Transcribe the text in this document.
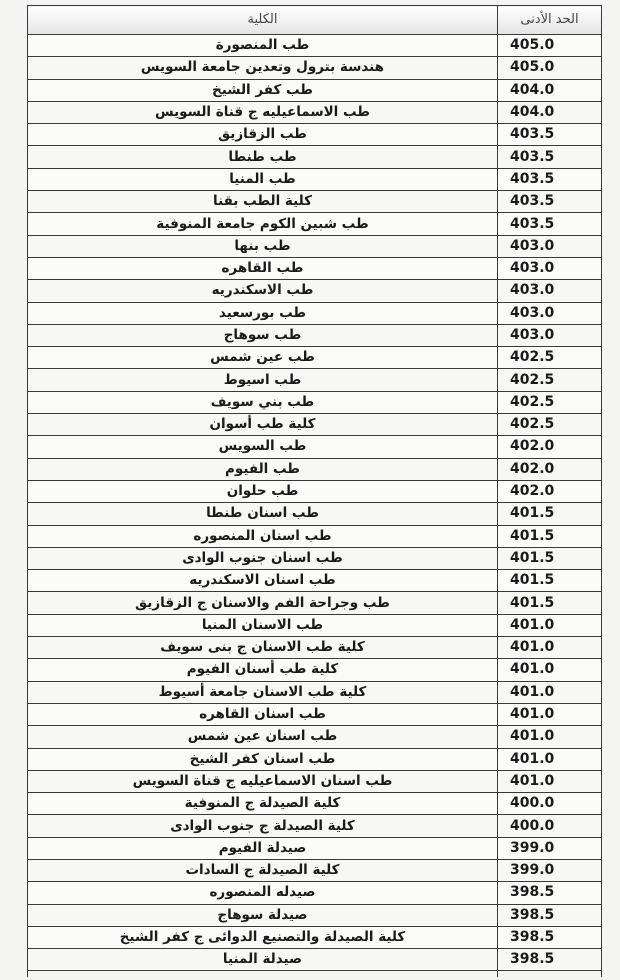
الكلية	الحد الأدنى
طب المنصورة	405.0
هندسة بترول وتعدين جامعة السويس	405.0
طب كفر الشيخ	404.0
طب الاسماعيليه ج قناة السويس	404.0
طب الزقازيق	403.5
طب طنطا	403.5
طب المنيا	403.5
كلية الطب بقنا	403.5
طب شبين الكوم جامعة المنوفية	403.5
طب بنها	403.0
طب القاهره	403.0
طب الاسكندريه	403.0
طب بورسعيد	403.0
طب سوهاج	403.0
طب عين شمس	402.5
طب اسيوط	402.5
طب بني سويف	402.5
كلية طب أسوان	402.5
طب السويس	402.0
طب الفيوم	402.0
طب حلوان	402.0
طب اسنان طنطا	401.5
طب اسنان المنصوره	401.5
طب اسنان جنوب الوادى	401.5
طب اسنان الاسكندريه	401.5
طب وجراحة الفم والاسنان ج الزقازيق	401.5
طب الاسنان المنيا	401.0
كلية طب الاسنان ج بنى سويف	401.0
كلية طب أسنان الفيوم	401.0
كلية طب الاسنان جامعة أسيوط	401.0
طب اسنان القاهره	401.0
طب اسنان عين شمس	401.0
طب اسنان كفر الشيخ	401.0
طب اسنان الاسماعيليه ج قناة السويس	401.0
كلية الصيدلة ج المنوفية	400.0
كلية الصيدلة ج جنوب الوادى	400.0
صيدلة الفيوم	399.0
كلية الصيدلة ج السادات	399.0
صيدله المنصوره	398.5
صيدلة سوهاج	398.5
كلية الصيدلة والتصنيع الدوائى ج كفر الشيخ	398.5
صيدلة المنيا	398.5
